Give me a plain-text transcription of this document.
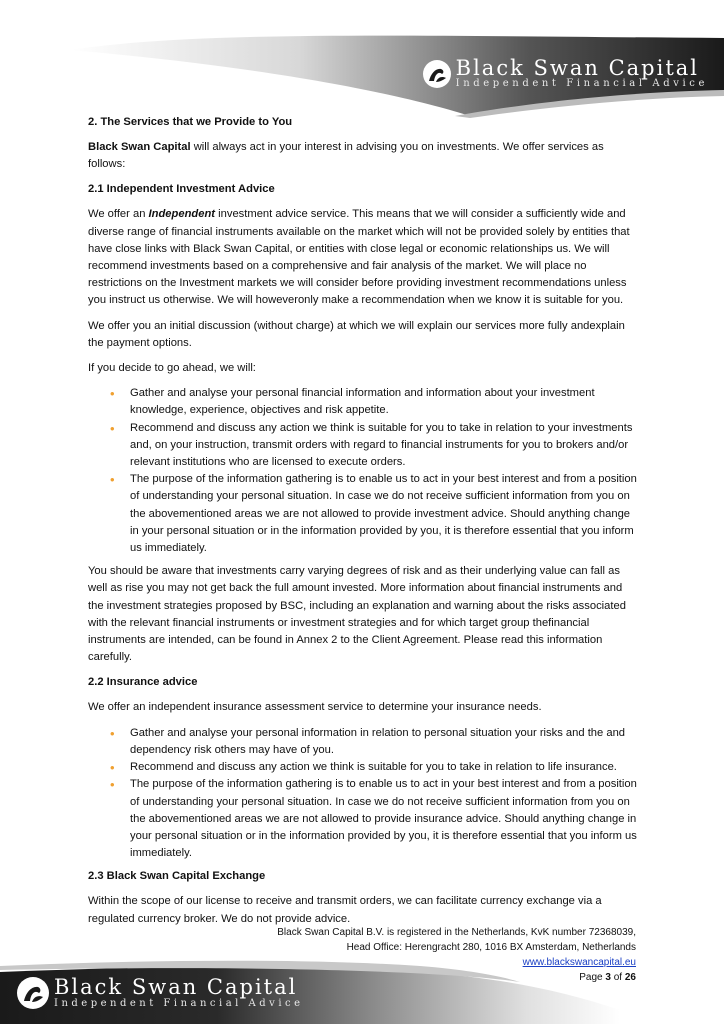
Black Swan Capital
Independent Financial Advice
2. The Services that we Provide to You

Black Swan Capital will always act in your interest in advising you on investments. We offer services as follows:

2.1 Independent Investment Advice

We offer an Independent investment advice service. This means that we will consider a sufficiently wide and diverse range of financial instruments available on the market which will not be provided solely by entities that have close links with Black Swan Capital, or entities with close legal or economic relationships us. We will recommend investments based on a comprehensive and fair analysis of the market. We will place no restrictions on the Investment markets we will consider before providing investment recommendations unless you instruct us otherwise. We will howeveronly make a recommendation when we know it is suitable for you.

We offer you an initial discussion (without charge) at which we will explain our services more fully andexplain the payment options.

If you decide to go ahead, we will:

• Gather and analyse your personal financial information and information about your investment knowledge, experience, objectives and risk appetite.
• Recommend and discuss any action we think is suitable for you to take in relation to your investments and, on your instruction, transmit orders with regard to financial instruments for you to brokers and/or relevant institutions who are licensed to execute orders.
• The purpose of the information gathering is to enable us to act in your best interest and from a position of understanding your personal situation. In case we do not receive sufficient information from you on the abovementioned areas we are not allowed to provide investment advice. Should anything change in your personal situation or in the information provided by you, it is therefore essential that you inform us immediately.

You should be aware that investments carry varying degrees of risk and as their underlying value can fall as well as rise you may not get back the full amount invested. More information about financial instruments and the investment strategies proposed by BSC, including an explanation and warning about the risks associated with the relevant financial instruments or investment strategies and for which target group thefinancial instruments are intended, can be found in Annex 2 to the Client Agreement. Please read this information carefully.

2.2 Insurance advice

We offer an independent insurance assessment service to determine your insurance needs.

• Gather and analyse your personal information in relation to personal situation your risks and the and dependency risk others may have of you.
• Recommend and discuss any action we think is suitable for you to take in relation to life insurance.
• The purpose of the information gathering is to enable us to act in your best interest and from a position of understanding your personal situation. In case we do not receive sufficient information from you on the abovementioned areas we are not allowed to provide insurance advice. Should anything change in your personal situation or in the information provided by you, it is therefore essential that you inform us immediately.
2.3 Black Swan Capital Exchange

Within the scope of our license to receive and transmit orders, we can facilitate currency exchange via a regulated currency broker. We do not provide advice.

Black Swan Capital B.V. is registered in the Netherlands, KvK number 72368039,
Head Office: Herengracht 280, 1016 BX Amsterdam, Netherlands
www.blackswancapital.eu
Page 3 of 26
Black Swan Capital
Independent Financial Advice
